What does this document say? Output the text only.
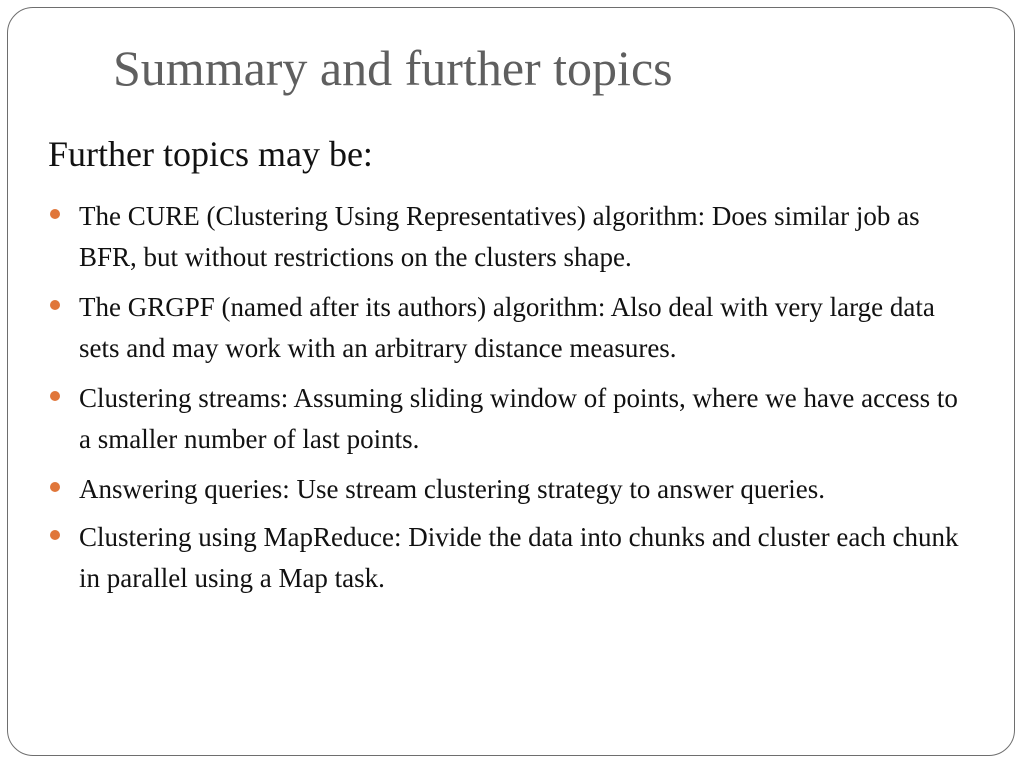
Summary and further topics

Further topics may be:

The CURE (Clustering Using Representatives) algorithm: Does similar job as BFR, but without restrictions on the clusters shape.
The GRGPF (named after its authors) algorithm: Also deal with very large data sets and may work with an arbitrary distance measures.
Clustering streams: Assuming sliding window of points, where we have access to a smaller number of last points.
Answering queries: Use stream clustering strategy to answer queries.
Clustering using MapReduce: Divide the data into chunks and cluster each chunk in parallel using a Map task.
